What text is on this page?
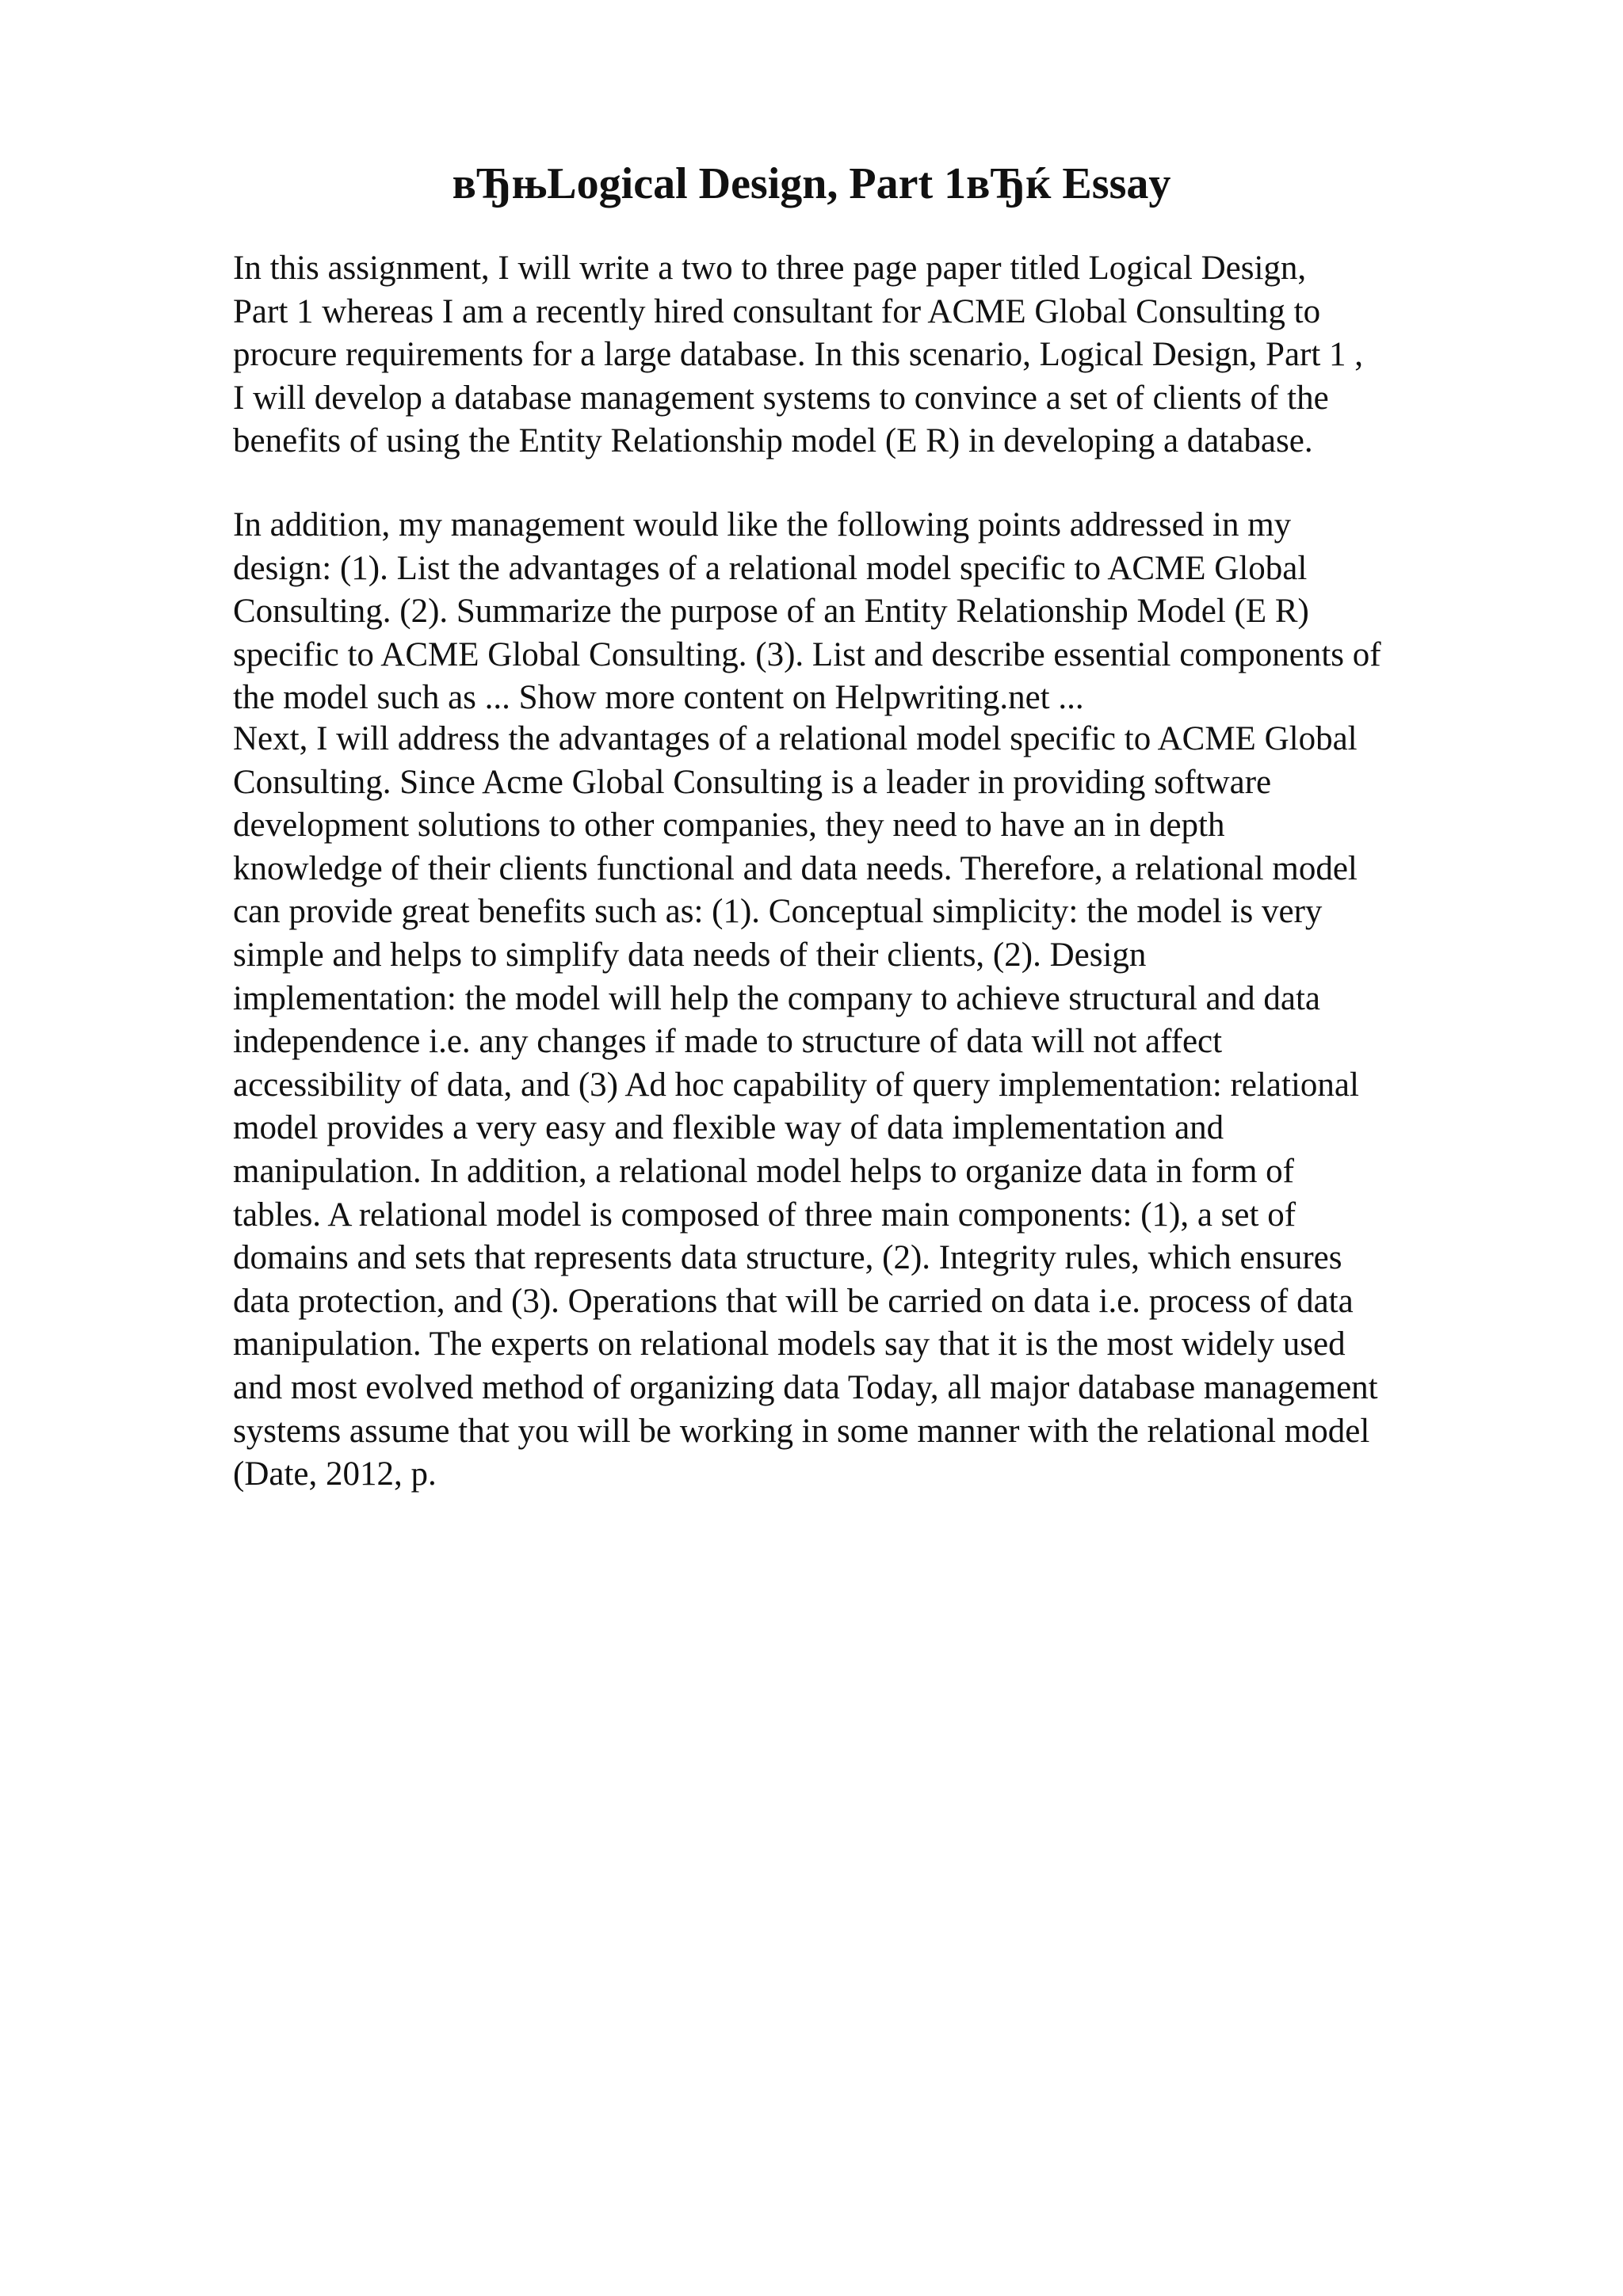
вЂњLogical Design, Part 1вЂќ Essay

In this assignment, I will write a two to three page paper titled Logical Design,
Part 1 whereas I am a recently hired consultant for ACME Global Consulting to
procure requirements for a large database. In this scenario, Logical Design, Part 1 ,
I will develop a database management systems to convince a set of clients of the
benefits of using the Entity Relationship model (E R) in developing a database.

In addition, my management would like the following points addressed in my
design: (1). List the advantages of a relational model specific to ACME Global
Consulting. (2). Summarize the purpose of an Entity Relationship Model (E R)
specific to ACME Global Consulting. (3). List and describe essential components of
the model such as ... Show more content on Helpwriting.net ...

Next, I will address the advantages of a relational model specific to ACME Global
Consulting. Since Acme Global Consulting is a leader in providing software
development solutions to other companies, they need to have an in depth
knowledge of their clients functional and data needs. Therefore, a relational model
can provide great benefits such as: (1). Conceptual simplicity: the model is very
simple and helps to simplify data needs of their clients, (2). Design
implementation: the model will help the company to achieve structural and data
independence i.e. any changes if made to structure of data will not affect
accessibility of data, and (3) Ad hoc capability of query implementation: relational
model provides a very easy and flexible way of data implementation and
manipulation. In addition, a relational model helps to organize data in form of
tables. A relational model is composed of three main components: (1), a set of
domains and sets that represents data structure, (2). Integrity rules, which ensures
data protection, and (3). Operations that will be carried on data i.e. process of data
manipulation. The experts on relational models say that it is the most widely used
and most evolved method of organizing data Today, all major database management
systems assume that you will be working in some manner with the relational model
(Date, 2012, p.
